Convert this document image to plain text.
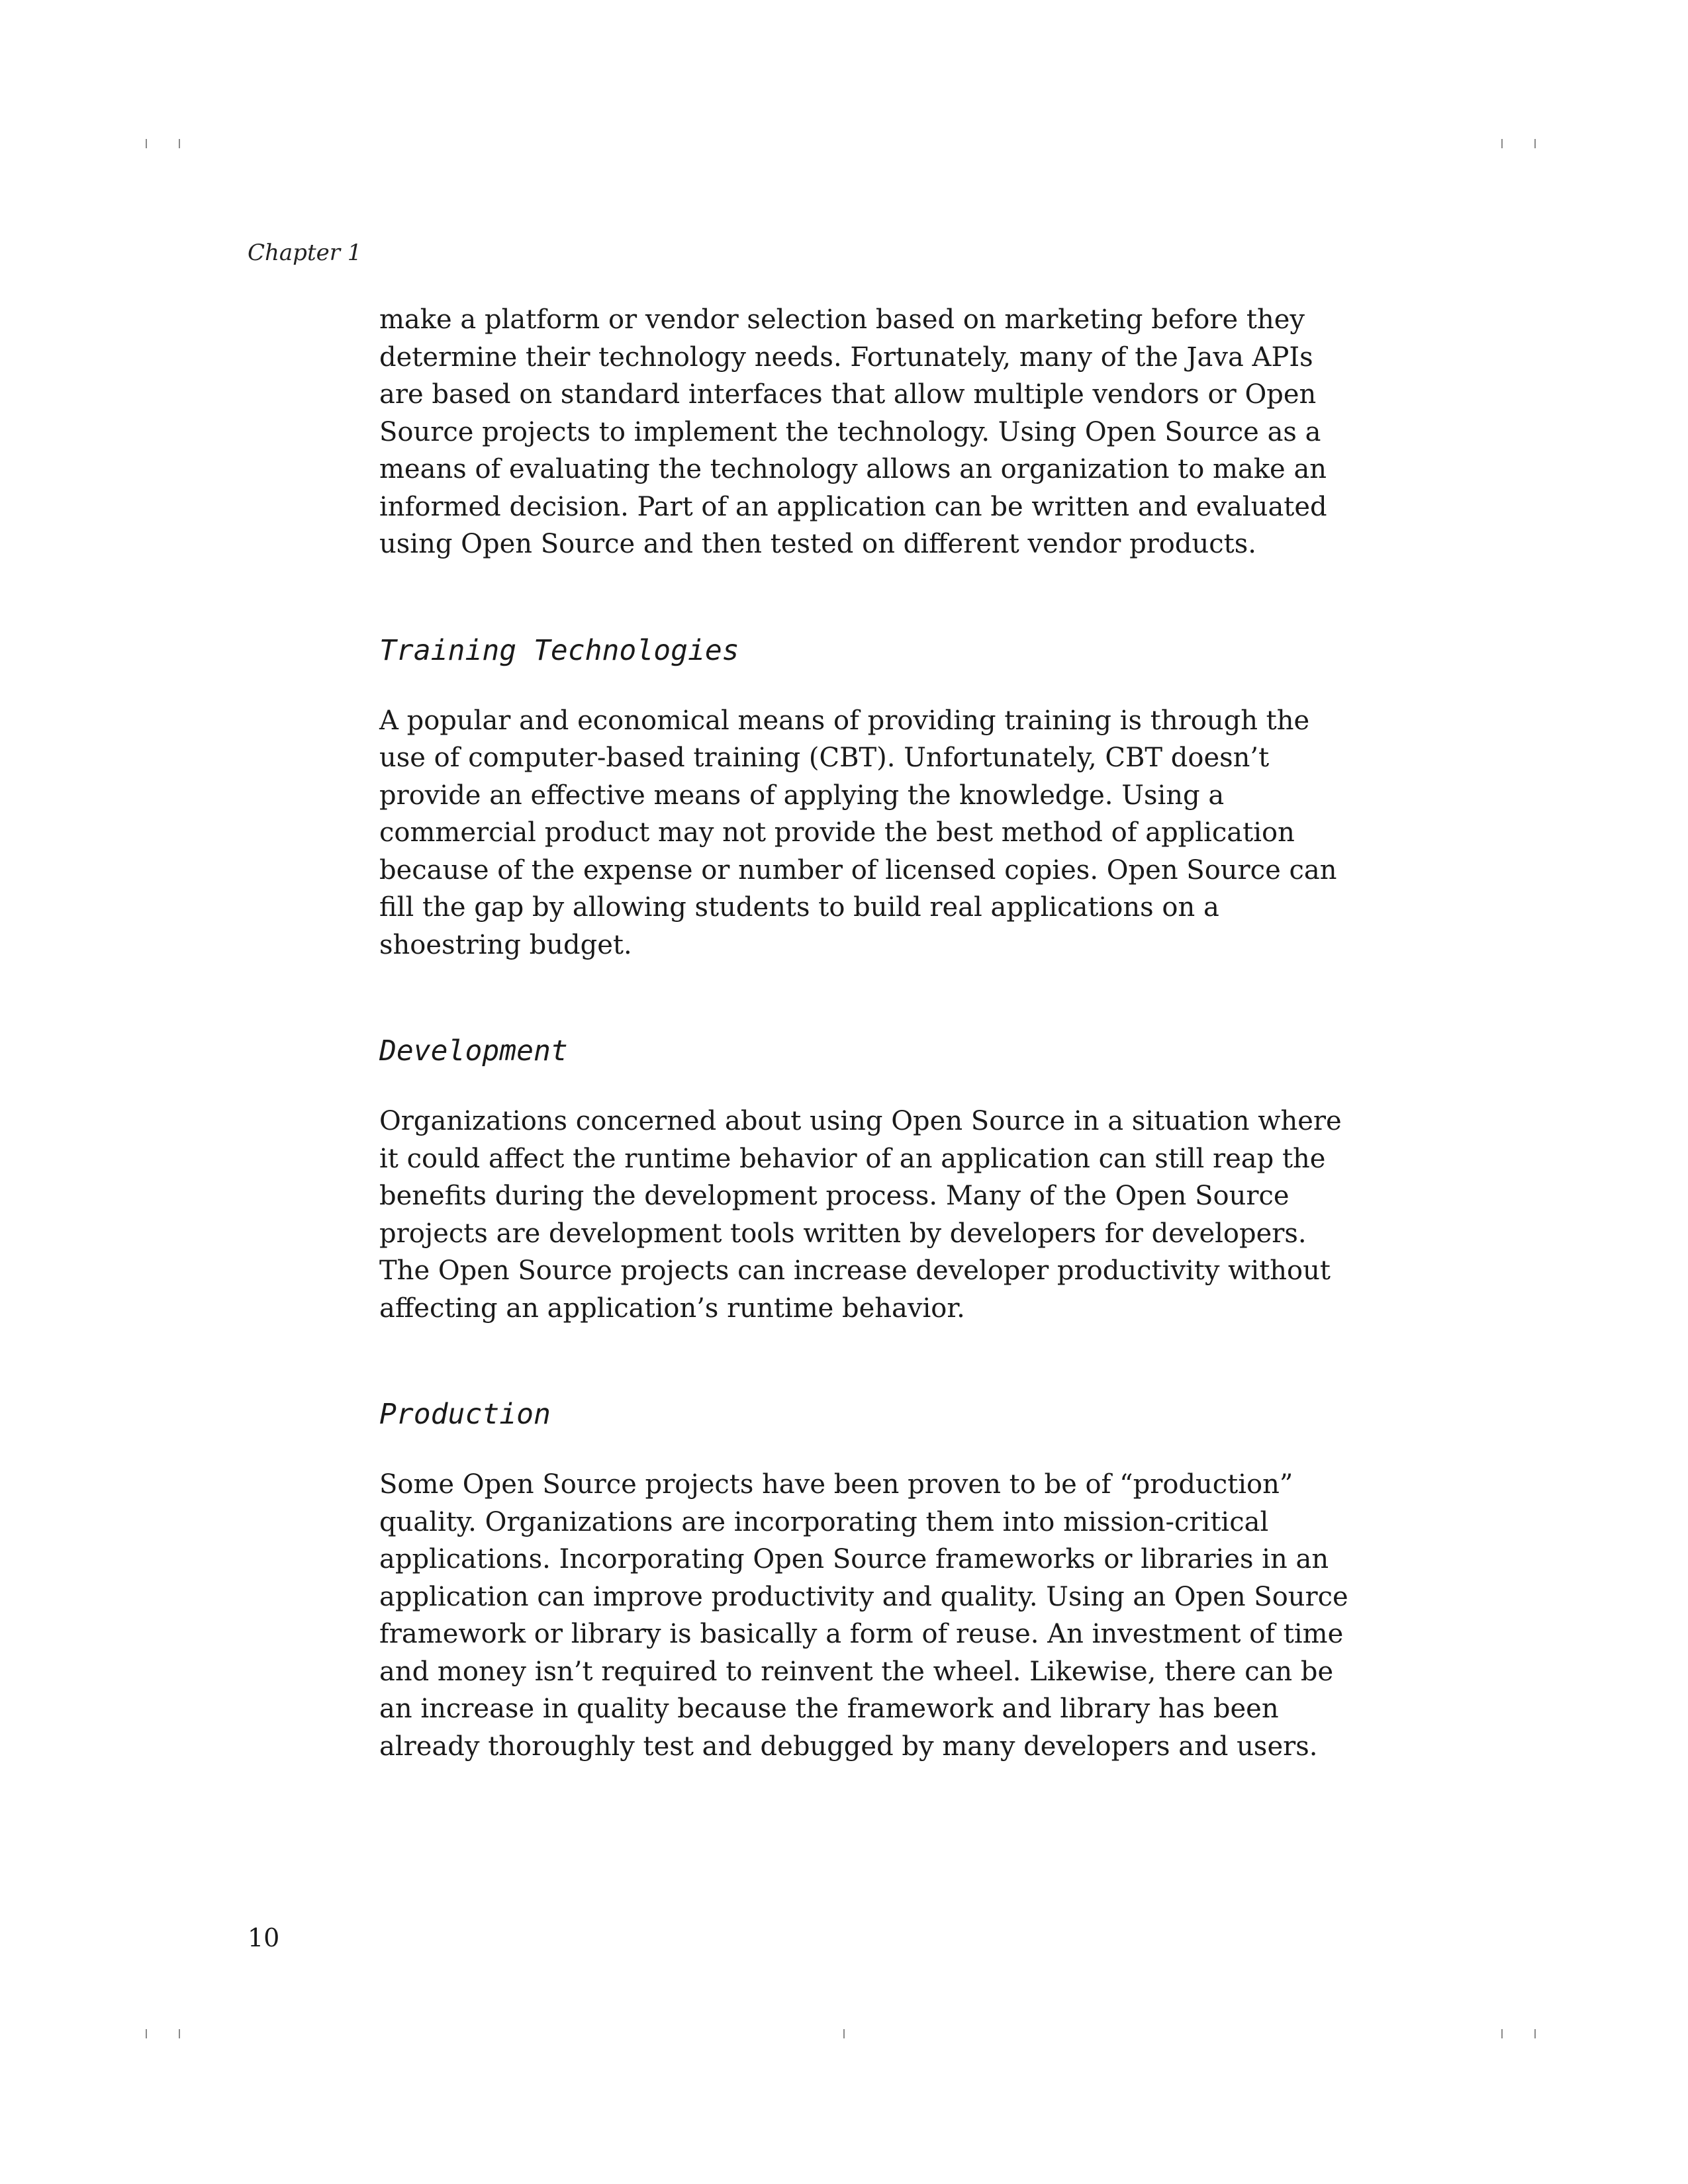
Chapter 1

make a platform or vendor selection based on marketing before they determine their technology needs. Fortunately, many of the Java APIs are based on standard interfaces that allow multiple vendors or Open Source projects to implement the technology. Using Open Source as a means of evaluating the technology allows an organization to make an informed decision. Part of an application can be written and evaluated using Open Source and then tested on different vendor products.

Training Technologies

A popular and economical means of providing training is through the use of computer-based training (CBT). Unfortunately, CBT doesn’t provide an effective means of applying the knowledge. Using a commercial product may not provide the best method of application because of the expense or number of licensed copies. Open Source can fill the gap by allowing students to build real applications on a shoestring budget.

Development

Organizations concerned about using Open Source in a situation where it could affect the runtime behavior of an application can still reap the benefits during the development process. Many of the Open Source projects are development tools written by developers for developers. The Open Source projects can increase developer productivity without affecting an application’s runtime behavior.

Production

Some Open Source projects have been proven to be of “production” quality. Organizations are incorporating them into mission-critical applications. Incorporating Open Source frameworks or libraries in an application can improve productivity and quality. Using an Open Source framework or library is basically a form of reuse. An investment of time and money isn’t required to reinvent the wheel. Likewise, there can be an increase in quality because the framework and library has been already thoroughly test and debugged by many developers and users.

10
